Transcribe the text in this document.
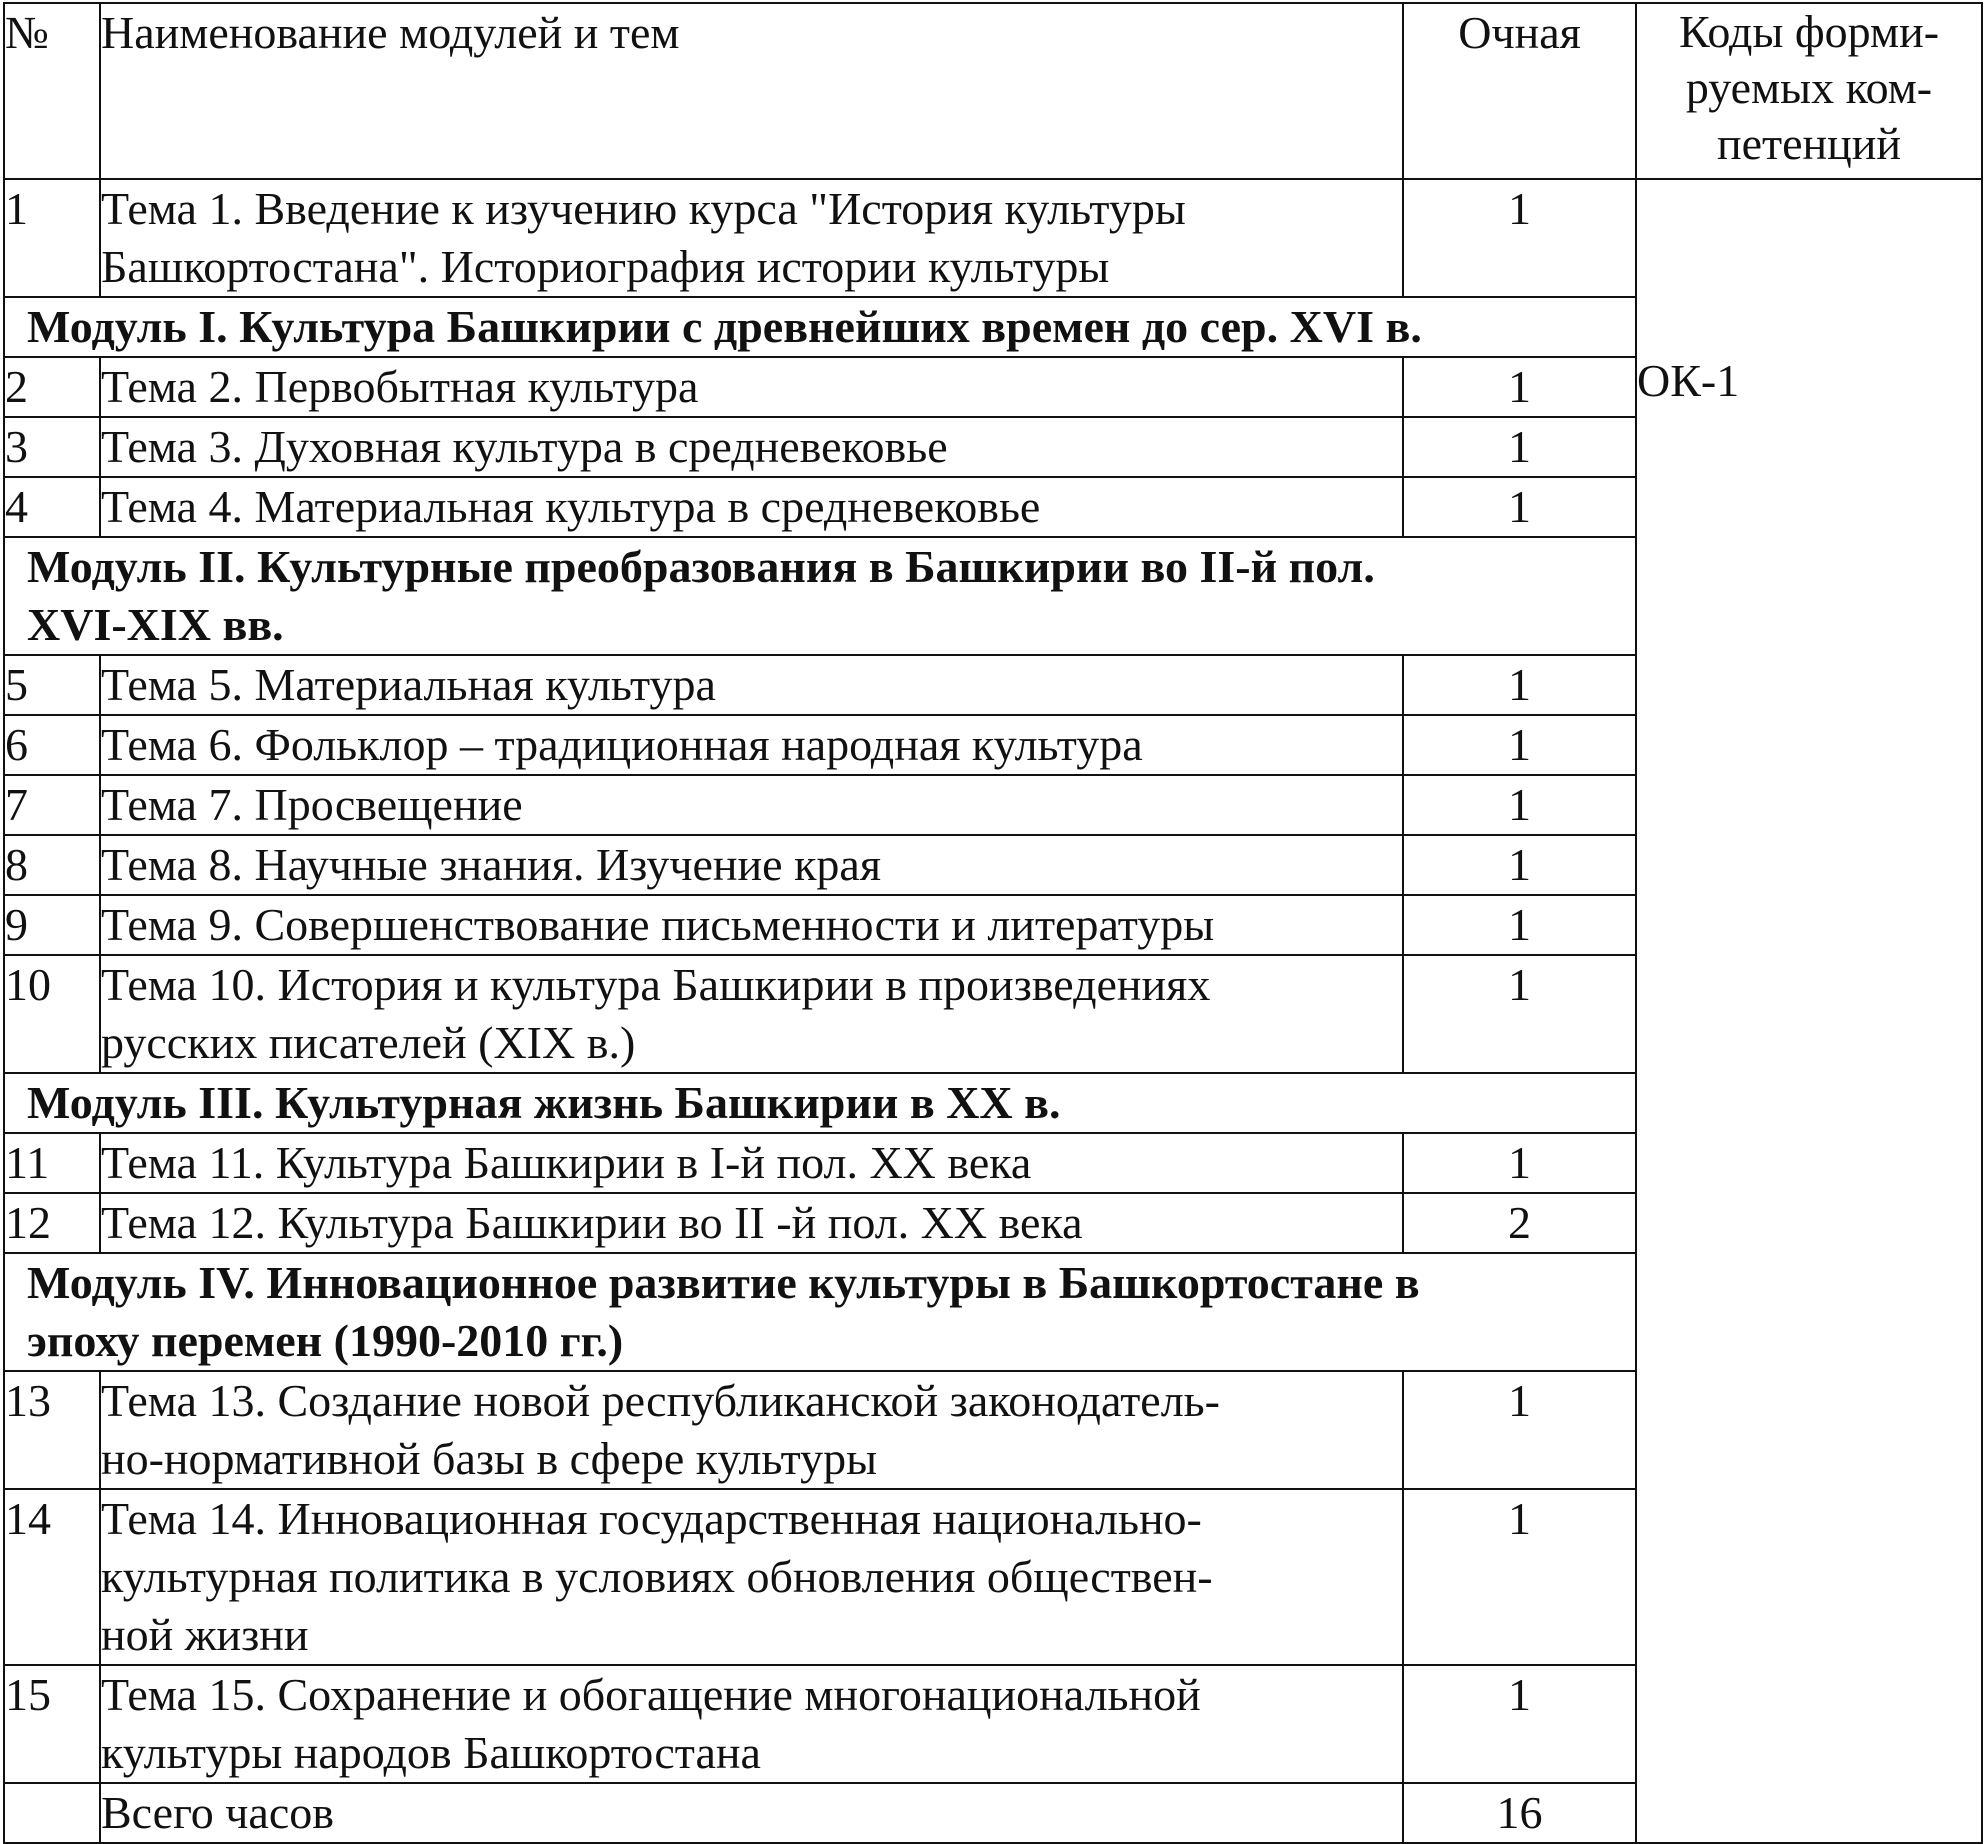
№	Наименование модулей и тем	Очная	Коды форми-
руемых ком-
петенций

1	Тема 1. Введение к изучению курса "История культуры
Башкортостана". Историография истории культуры	1	ОК-1

Модуль I. Культура Башкирии с древнейших времен до сер. XVI в.			

2	Тема 2. Первобытная культура	1	
3	Тема 3. Духовная культура в средневековье	1	
4	Тема 4. Материальная культура в средневековье	1	

Модуль II. Культурные преобразования в Башкирии во II-й пол.
XVI-XIX вв.			

5	Тема 5. Материальная культура	1	
6	Тема 6. Фольклор – традиционная народная культура	1	
7	Тема 7. Просвещение	1	
8	Тема 8. Научные знания. Изучение края	1	
9	Тема 9. Совершенствование письменности и литературы	1	
10	Тема 10. История и культура Башкирии в произведениях
русских писателей (XIX в.)	1	

Модуль III. Культурная жизнь Башкирии в XX в.			

11	Тема 11. Культура Башкирии в I-й пол. XX века	1	
12	Тема 12. Культура Башкирии во II -й пол. XX века	2	

Модуль IV. Инновационное развитие культуры в Башкортостане в
эпоху перемен (1990-2010 гг.)			

13	Тема 13. Создание новой республиканской законодатель-
но-нормативной базы в сфере культуры	1	
14	Тема 14. Инновационная государственная национально-
культурная политика в условиях обновления обществен-
ной жизни	1	
15	Тема 15. Сохранение и обогащение многонациональной
культуры народов Башкортостана	1	

	Всего часов	16	
